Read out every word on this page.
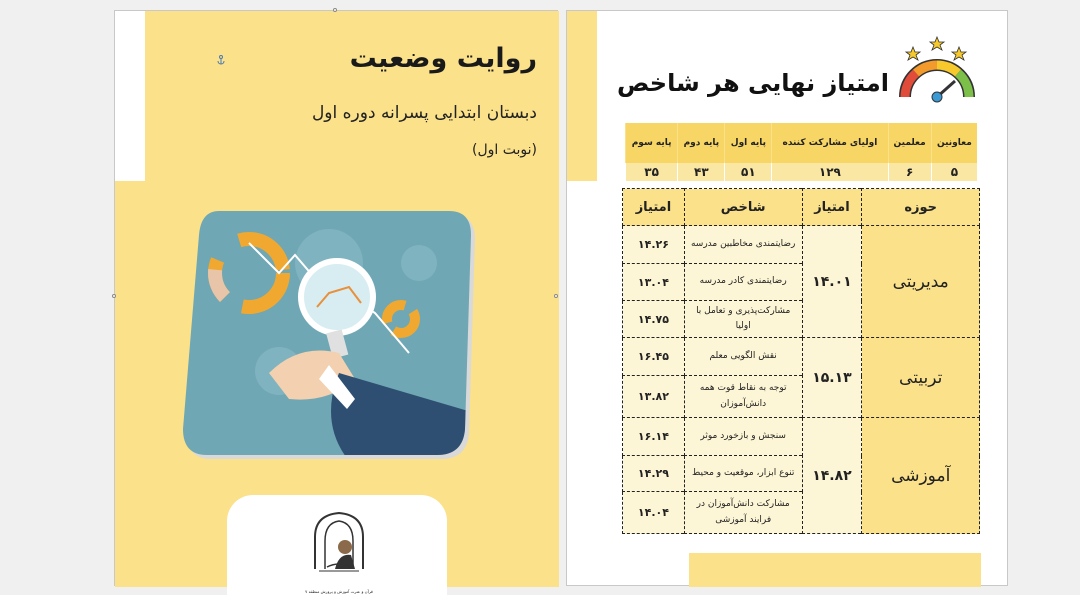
روایت وضعیت
دبستان ابتدایی پسرانه دوره اول
(نوبت اول)
قرآن و عترت آموزش و پرورش منطقه ۷
امتیاز نهایی هر شاخص
معاونین	معلمین	اولیای مشارکت کننده	پایه اول	پایه دوم	پایه سوم
۵	۶	۱۲۹	۵۱	۴۳	۳۵
حوزه	امتیاز	شاخص	امتیاز
مدیریتی	۱۴.۰۱	رضایتمندی مخاطبین مدرسه	۱۴.۲۶
		رضایتمندی کادر مدرسه	۱۳.۰۴
		مشارکت‌پذیری و تعامل با اولیا	۱۴.۷۵
تربیتی	۱۵.۱۳	نقش الگویی معلم	۱۶.۴۵
		توجه به نقاط قوت همه دانش‌آموزان	۱۳.۸۲
آموزشی	۱۴.۸۲	سنجش و بازخورد موثر	۱۶.۱۴
		تنوع ابزار، موقعیت و محیط	۱۴.۲۹
		مشارکت دانش‌آموزان در فرایند آموزشی	۱۴.۰۴
